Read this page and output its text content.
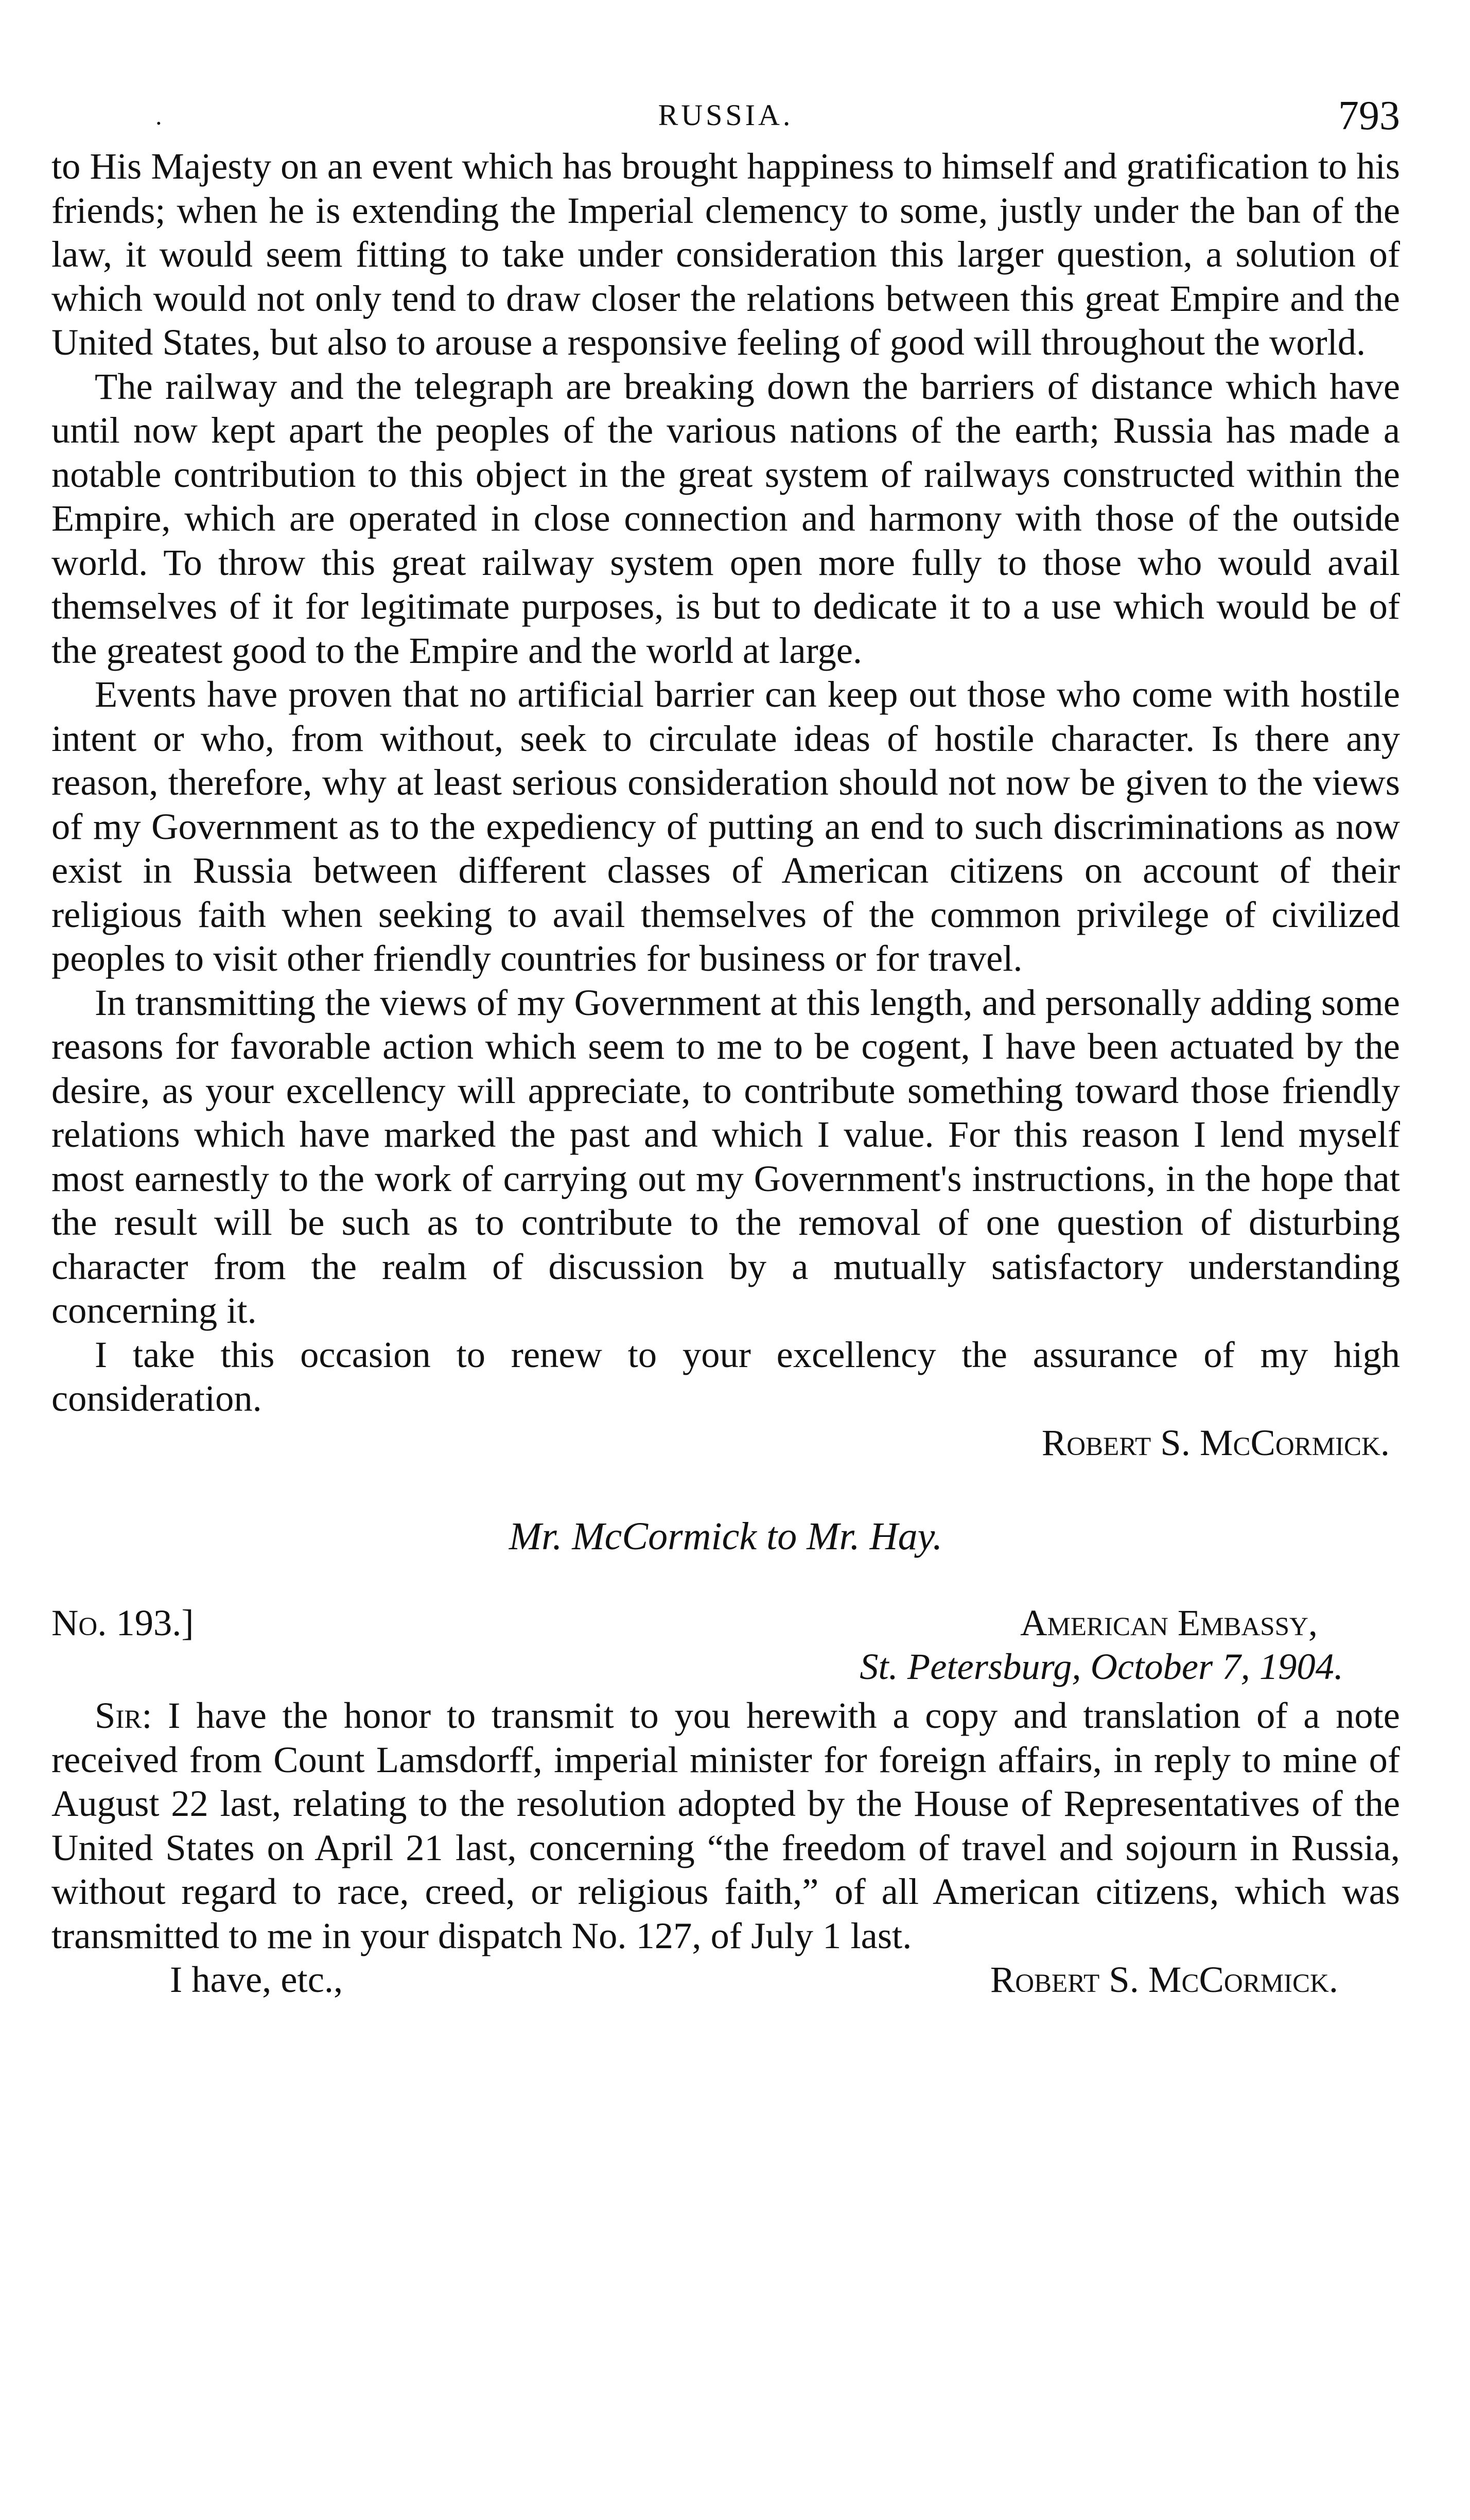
·	RUSSIA.	793

to His Majesty on an event which has brought happiness to himself and gratification to his friends; when he is extending the Imperial clemency to some, justly under the ban of the law, it would seem fitting to take under consideration this larger question, a solution of which would not only tend to draw closer the relations between this great Empire and the United States, but also to arouse a responsive feeling of good will throughout the world.

The railway and the telegraph are breaking down the barriers of distance which have until now kept apart the peoples of the various nations of the earth; Russia has made a notable contribution to this object in the great system of railways constructed within the Empire, which are operated in close connection and harmony with those of the outside world. To throw this great railway system open more fully to those who would avail themselves of it for legitimate purposes, is but to dedicate it to a use which would be of the greatest good to the Empire and the world at large.

Events have proven that no artificial barrier can keep out those who come with hostile intent or who, from without, seek to circulate ideas of hostile character. Is there any reason, therefore, why at least serious consideration should not now be given to the views of my Government as to the expediency of putting an end to such discriminations as now exist in Russia between different classes of American citizens on account of their religious faith when seeking to avail themselves of the common privilege of civilized peoples to visit other friendly countries for business or for travel.

In transmitting the views of my Government at this length, and personally adding some reasons for favorable action which seem to me to be cogent, I have been actuated by the desire, as your excellency will appreciate, to contribute something toward those friendly relations which have marked the past and which I value. For this reason I lend myself most earnestly to the work of carrying out my Government's instructions, in the hope that the result will be such as to contribute to the removal of one question of disturbing character from the realm of discussion by a mutually satisfactory understanding concerning it.

I take this occasion to renew to your excellency the assurance of my high consideration.

Robert S. McCormick.
Mr. McCormick to Mr. Hay.
No. 193.]	American Embassy,
St. Petersburg, October 7, 1904.

Sir: I have the honor to transmit to you herewith a copy and translation of a note received from Count Lamsdorff, imperial minister for foreign affairs, in reply to mine of August 22 last, relating to the resolution adopted by the House of Representatives of the United States on April 21 last, concerning “the freedom of travel and sojourn in Russia, without regard to race, creed, or religious faith,” of all American citizens, which was transmitted to me in your dispatch No. 127, of July 1 last.

I have, etc.,	Robert S. McCormick.
